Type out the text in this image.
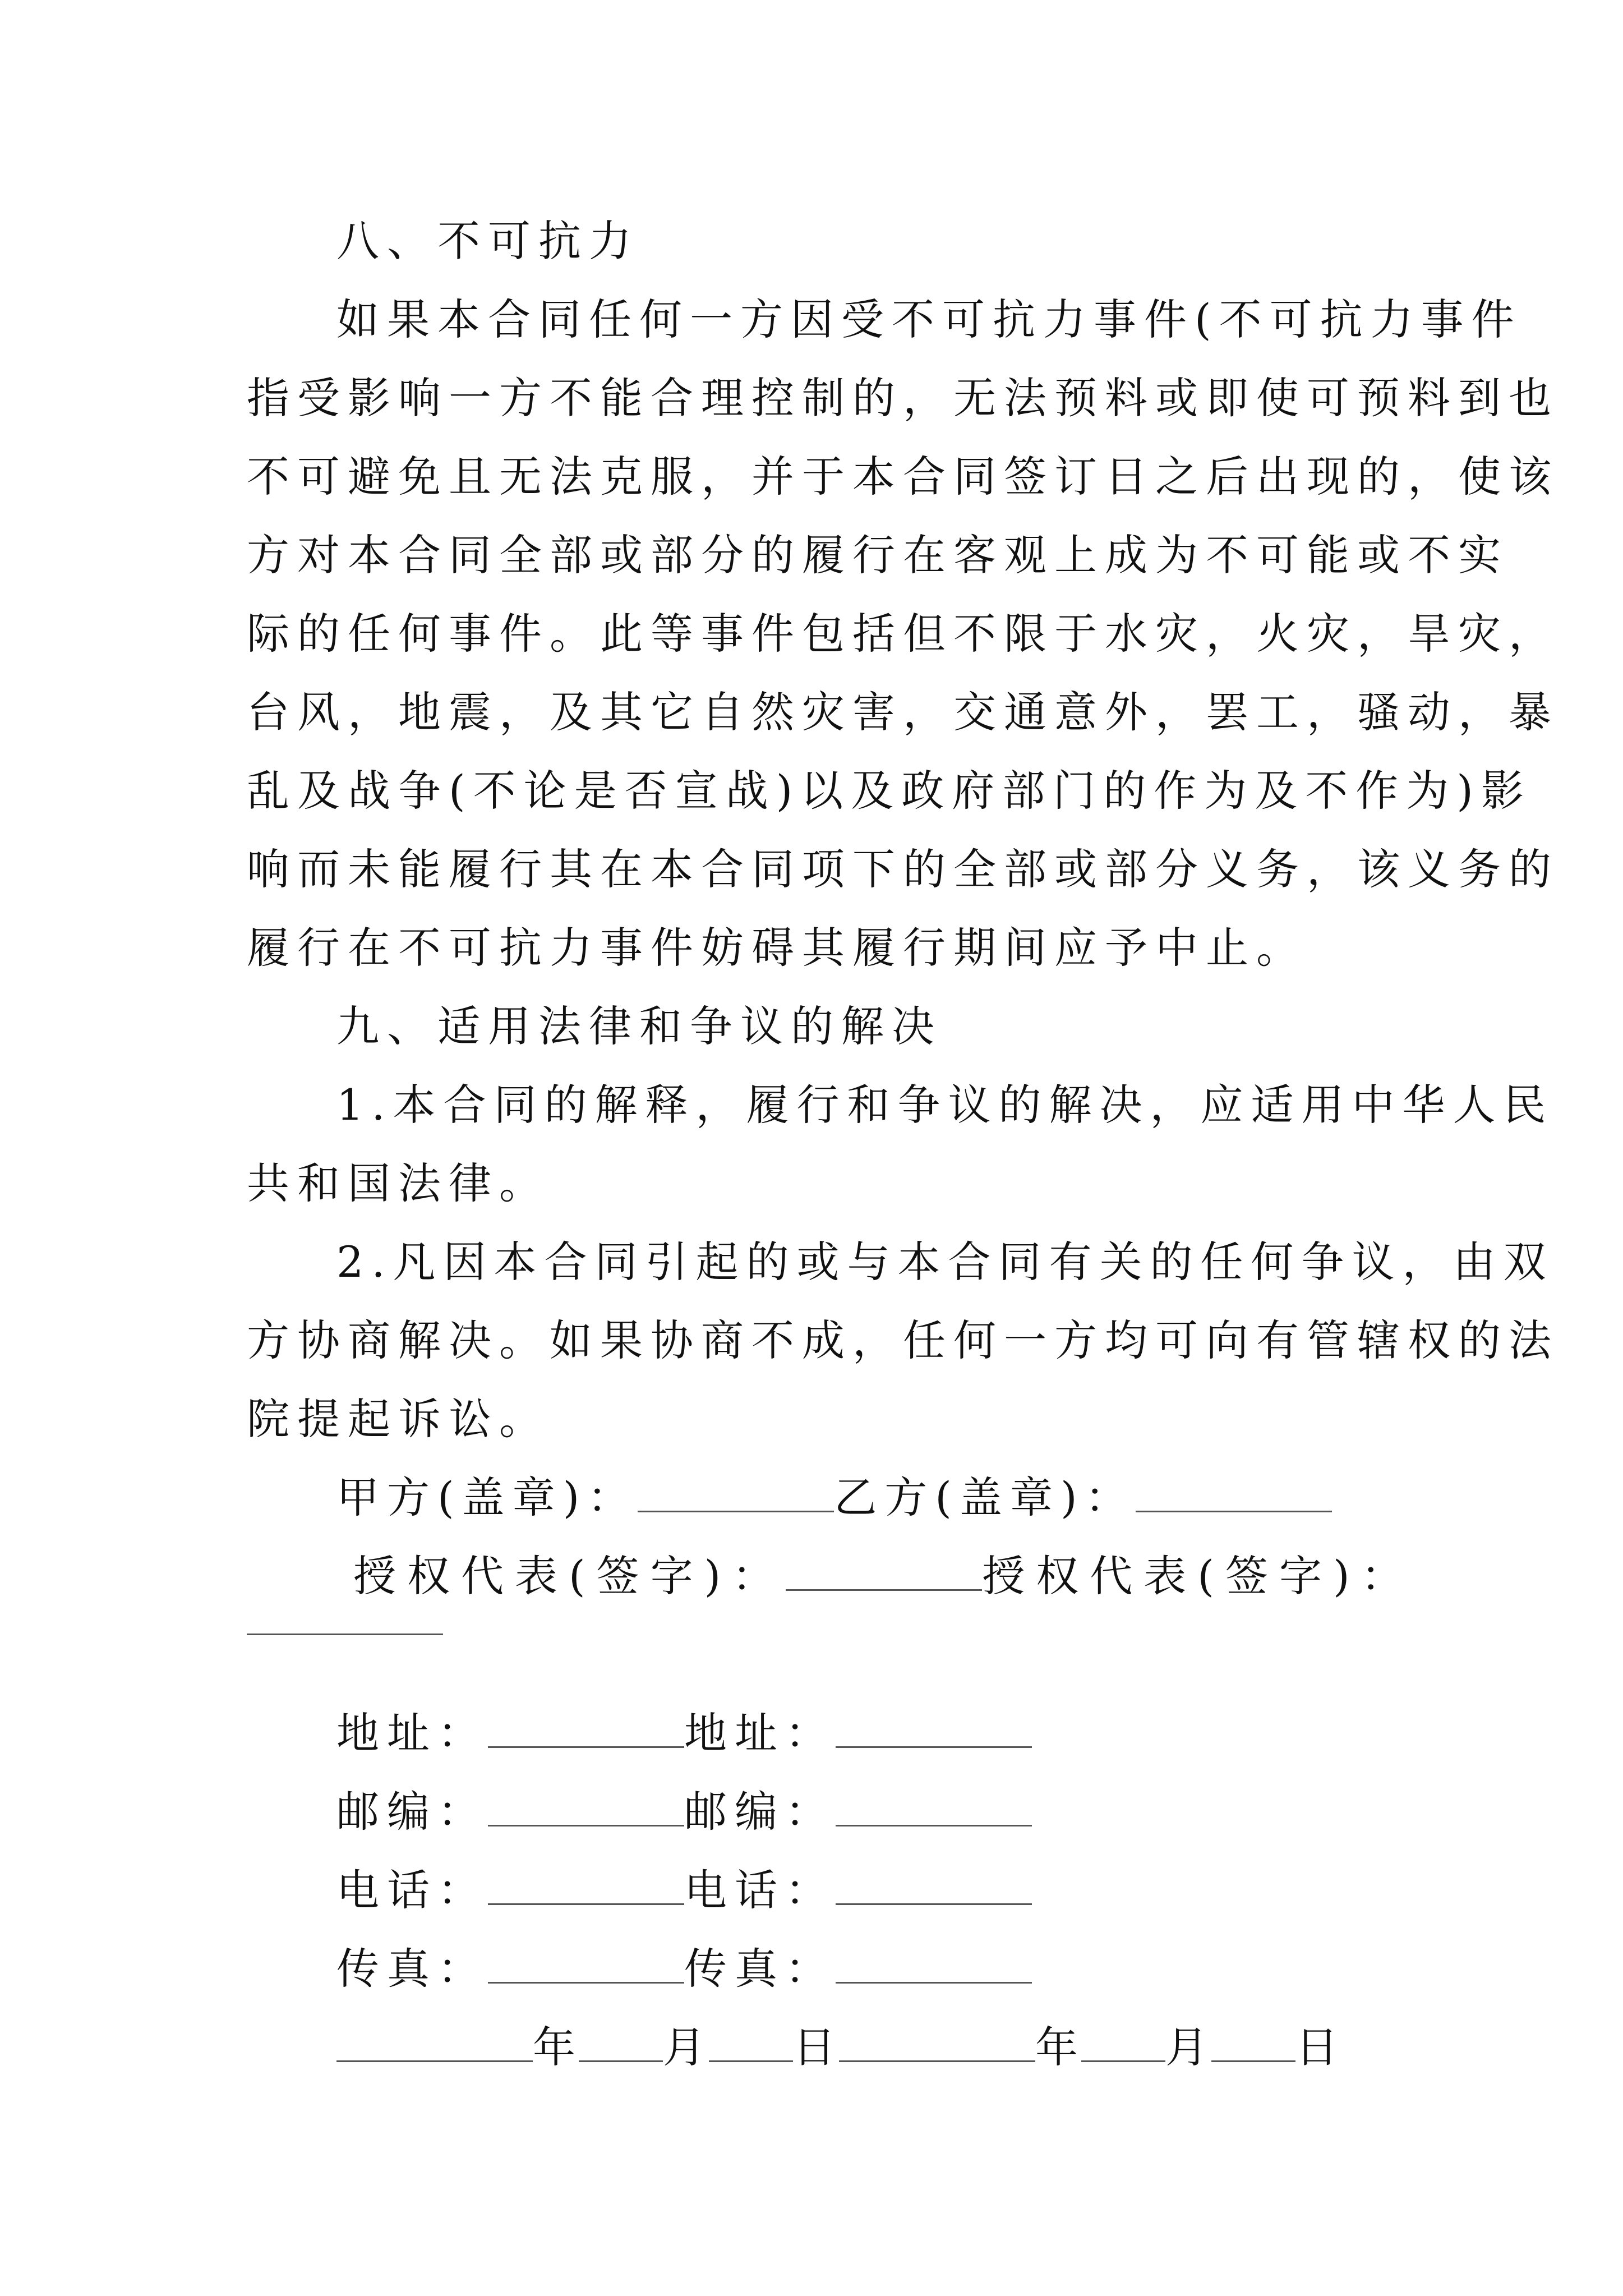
八、不可抗力
如果本合同任何一方因受不可抗力事件(不可抗力事件
指受影响一方不能合理控制的，无法预料或即使可预料到也
不可避免且无法克服，并于本合同签订日之后出现的，使该
方对本合同全部或部分的履行在客观上成为不可能或不实
际的任何事件。此等事件包括但不限于水灾，火灾，旱灾，
台风，地震，及其它自然灾害，交通意外，罢工，骚动，暴
乱及战争(不论是否宣战)以及政府部门的作为及不作为)影
响而未能履行其在本合同项下的全部或部分义务，该义务的
履行在不可抗力事件妨碍其履行期间应予中止。
九、适用法律和争议的解决
1.本合同的解释，履行和争议的解决，应适用中华人民
共和国法律。
2.凡因本合同引起的或与本合同有关的任何争议，由双
方协商解决。如果协商不成，任何一方均可向有管辖权的法
院提起诉讼。
甲方(盖章)：	乙方(盖章)：
授权代表(签字)：	授权代表(签字)：
地址：	地址：
邮编：	邮编：
电话：	电话：
传真：	传真：
年 月 日	年 月 日
